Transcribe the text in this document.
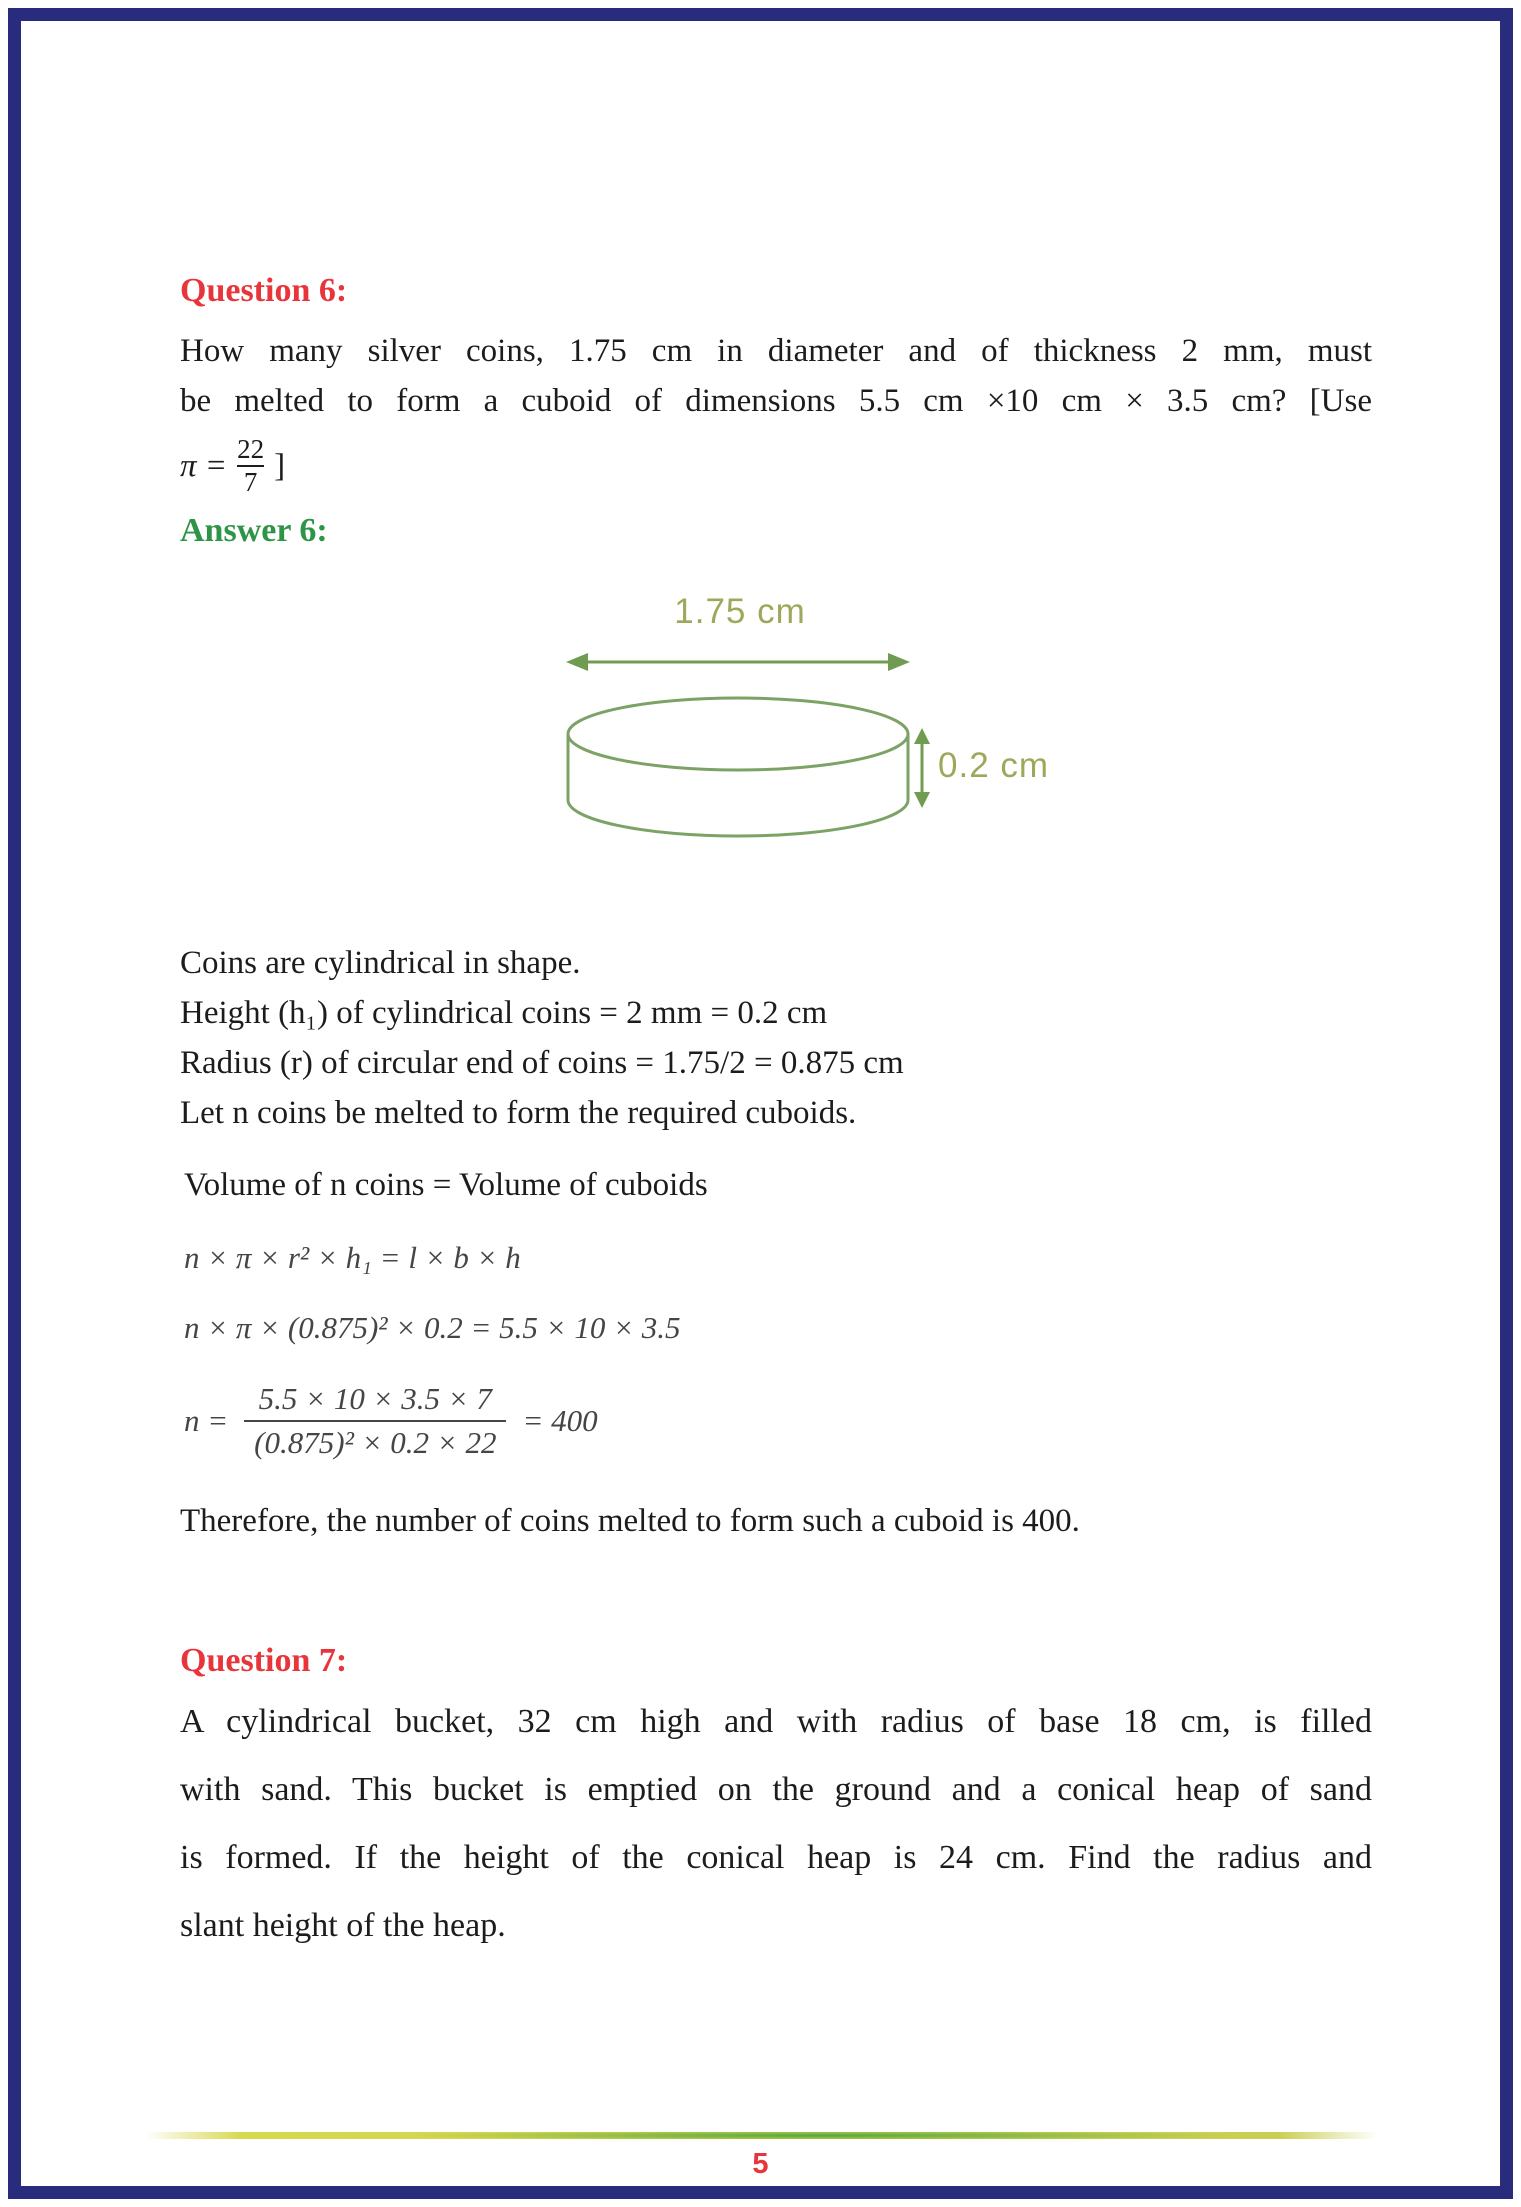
Question 6:
How many silver coins, 1.75 cm in diameter and of thickness 2 mm, must
be melted to form a cuboid of dimensions 5.5 cm ×10 cm × 3.5 cm? [Use
$\pi = \frac{22}{7}$ ]
Answer 6:
1.75 cm
0.2 cm
Coins are cylindrical in shape.
Height (h₁) of cylindrical coins = 2 mm = 0.2 cm
Radius (r) of circular end of coins = 1.75/2 = 0.875 cm
Let n coins be melted to form the required cuboids.
Volume of n coins = Volume of cuboids
n × π × r² × h₁ = l × b × h
n × π × (0.875)² × 0.2 = 5.5 × 10 × 3.5
$n = \frac{5.5 \times 10 \times 3.5 \times 7}{\text{(0.875)² × 0.2 × 22}} = 400$
Therefore, the number of coins melted to form such a cuboid is 400.
Question 7:
A cylindrical bucket, 32 cm high and with radius of base 18 cm, is filled
with sand. This bucket is emptied on the ground and a conical heap of sand
is formed. If the height of the conical heap is 24 cm. Find the radius and
slant height of the heap.
5
